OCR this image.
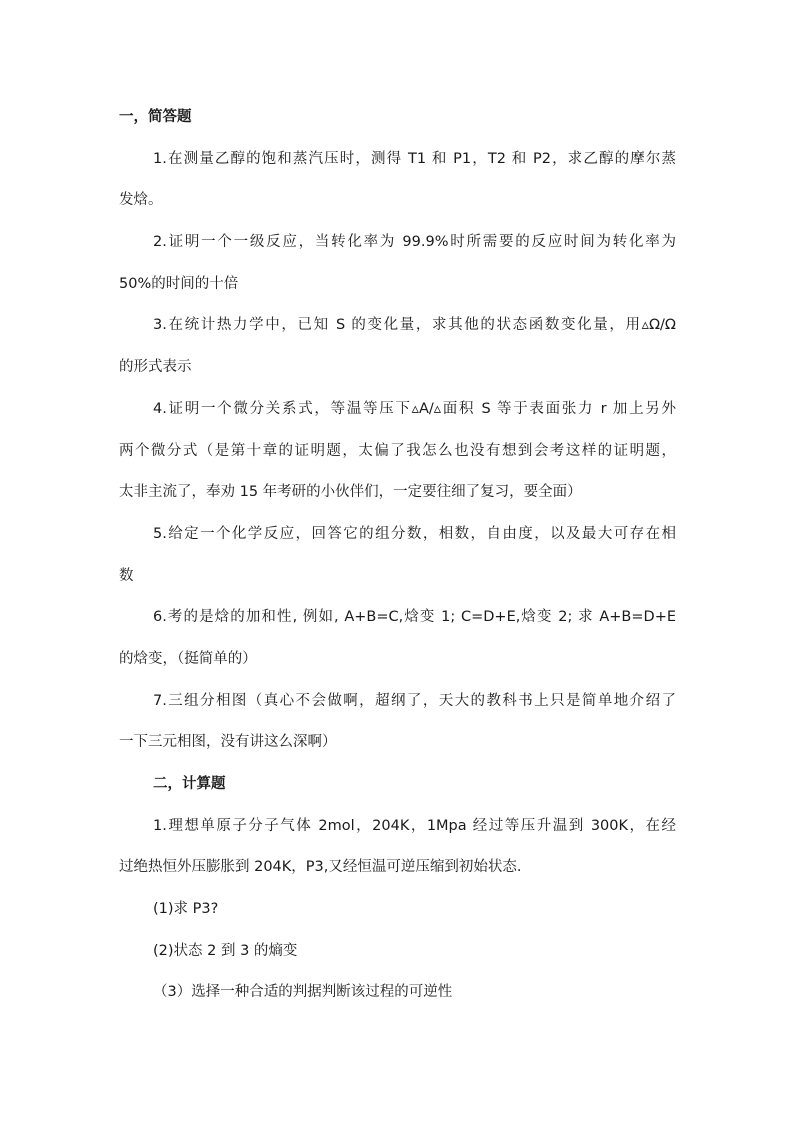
一，简答题
1.在测量乙醇的饱和蒸汽压时，测得 T1 和 P1，T2 和 P2，求乙醇的摩尔蒸
发焓。
2.证明一个一级反应，当转化率为 99.9%时所需要的反应时间为转化率为
50%的时间的十倍
3.在统计热力学中，已知 S 的变化量，求其他的状态函数变化量，用▵Ω/Ω
的形式表示
4.证明一个微分关系式，等温等压下▵A/▵面积 S 等于表面张力 r 加上另外
两个微分式（是第十章的证明题，太偏了我怎么也没有想到会考这样的证明题，
太非主流了，奉劝 15 年考研的小伙伴们，一定要往细了复习，要全面）
5.给定一个化学反应，回答它的组分数，相数，自由度，以及最大可存在相
数
6.考的是焓的加和性, 例如, A+B=C,焓变 1; C=D+E,焓变 2; 求 A+B=D+E
的焓变，（挺简单的）
7.三组分相图（真心不会做啊，超纲了，天大的教科书上只是简单地介绍了
一下三元相图，没有讲这么深啊）
二，计算题
1.理想单原子分子气体 2mol，204K，1Mpa 经过等压升温到 300K，在经
过绝热恒外压膨胀到 204K，P3,又经恒温可逆压缩到初始状态.
(1)求 P3?
(2)状态 2 到 3 的熵变
（3）选择一种合适的判据判断该过程的可逆性
